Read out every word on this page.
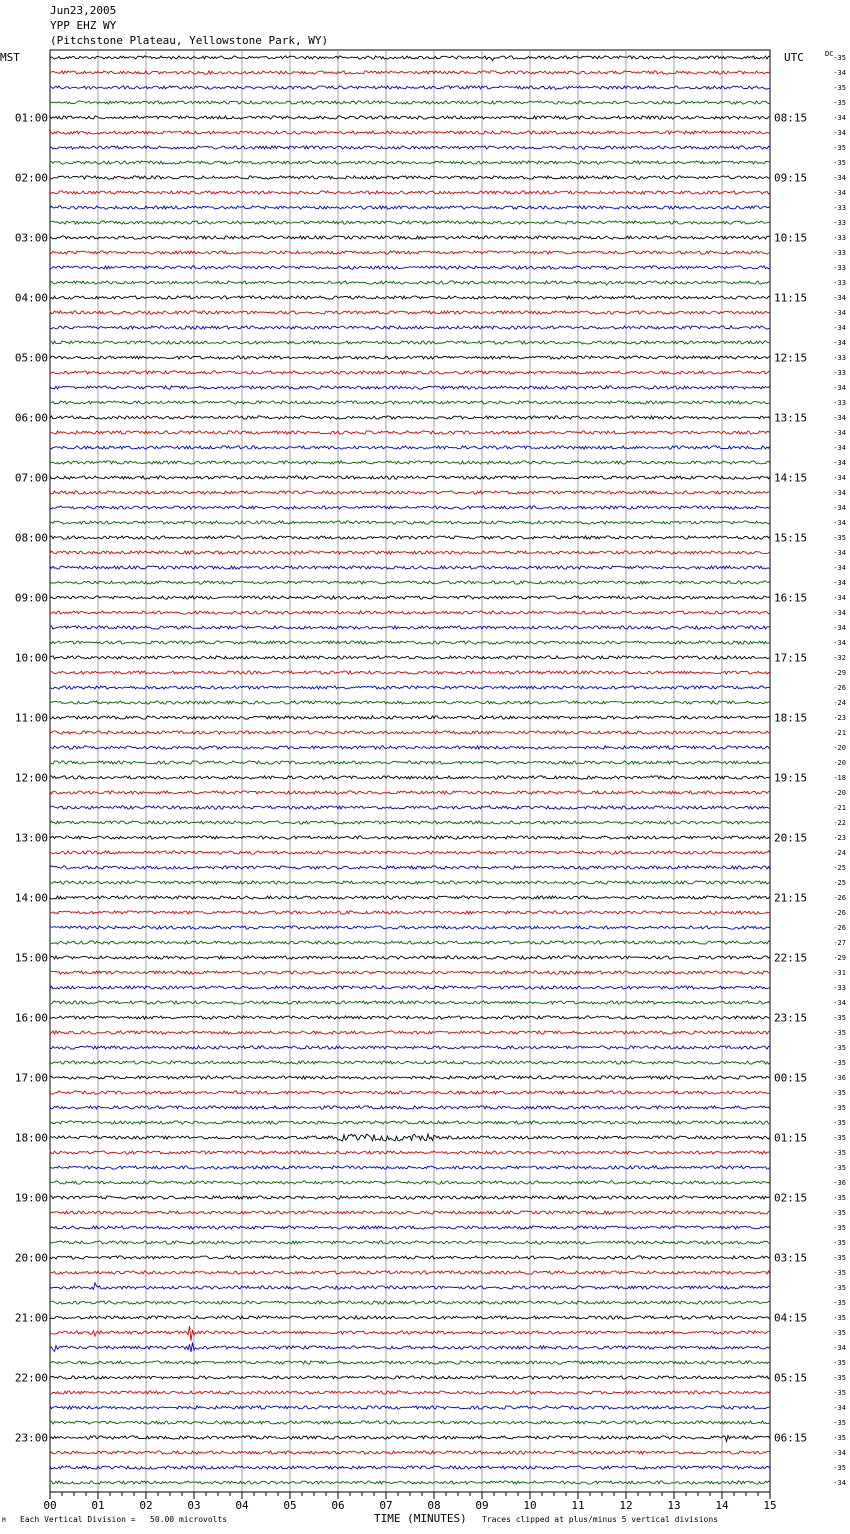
Jun23,2005
YPP EHZ WY
(Pitchstone Plateau, Yellowstone Park, WY)
MST	UTC	DC
00	01	02	03	04	05	06	07	08	09	10	11	12	13	14	15
-35
-34
-35
-35
-34
-34
-35
-35
-34
-34
-33
-33
-33
-33
-33
-33
-34
-34
-34
-34
-33
-33
-34
-33
-34
-34
-34
-34
-34
-34
-34
-34
-35
-34
-34
-34
-34
-34
-34
-34
-32
-29
-26
-24
-23
-21
-20
-20
-18
-20
-21
-22
-23
-24
-25
-25
-26
-26
-26
-27
-29
-31
-33
-34
-35
-35
-35
-35
-36
-35
-35
-35
-35
-35
-35
-36
-35
-35
-35
-35
-35
-35
-35
-35
-35
-35
-34
-35
-35
-35
-34
-35
-35
-34
-35
-34
01:00	08:15
02:00	09:15
03:00	10:15
04:00	11:15
05:00	12:15
06:00	13:15
07:00	14:15
08:00	15:15
09:00	16:15
10:00	17:15
11:00	18:15
12:00	19:15
13:00	20:15
14:00	21:15
15:00	22:15
16:00	23:15
17:00	00:15
18:00	01:15
19:00	02:15
20:00	03:15
21:00	04:15
22:00	05:15
23:00	06:15
TIME (MINUTES)
M Each Vertical Division =   50.00 microvolts	Traces clipped at plus/minus 5 vertical divisions
